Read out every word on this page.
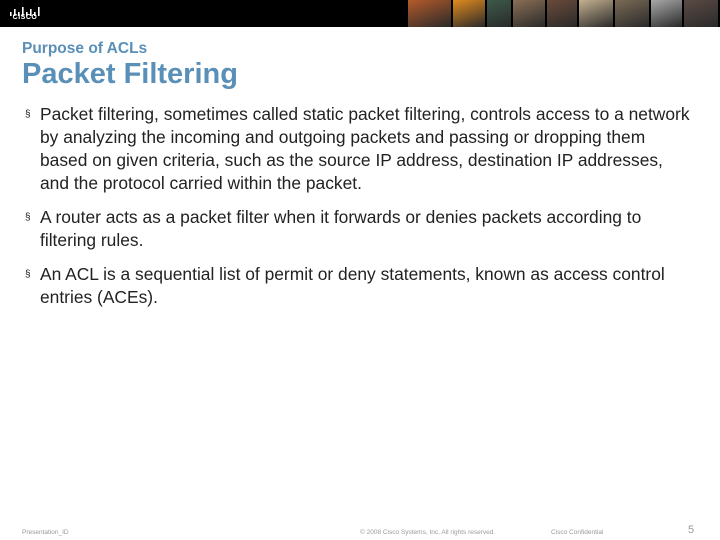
CISCO
Purpose of ACLs
Packet Filtering
§ Packet filtering, sometimes called static packet filtering, controls access to a network by analyzing the incoming and outgoing packets and passing or dropping them based on given criteria, such as the source IP address, destination IP addresses, and the protocol carried within the packet.
§ A router acts as a packet filter when it forwards or denies packets according to filtering rules.
§ An ACL is a sequential list of permit or deny statements, known as access control entries (ACEs).
Presentation_ID	© 2008 Cisco Systems, Inc. All rights reserved.	Cisco Confidential	5
